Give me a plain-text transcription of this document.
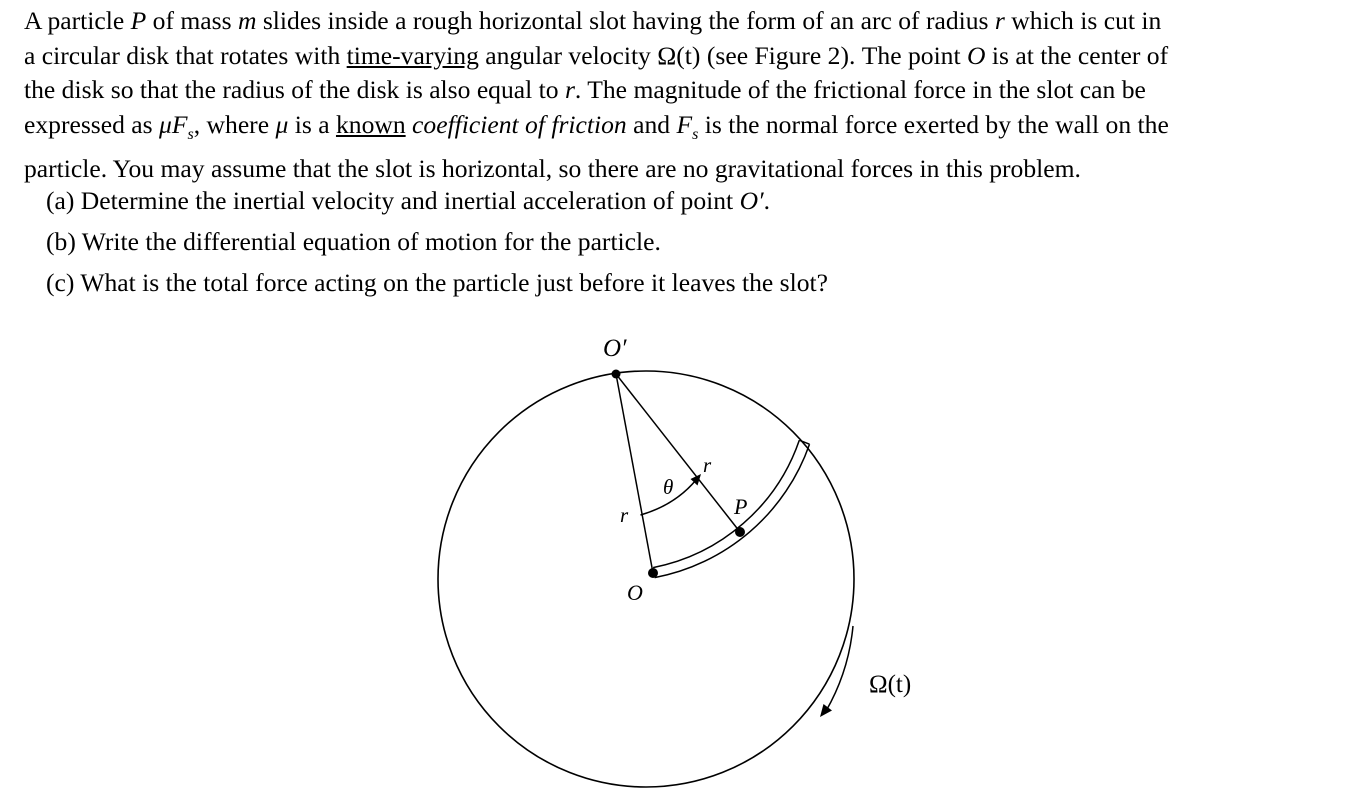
A particle P of mass m slides inside a rough horizontal slot having the form of an arc of radius r which is cut in
a circular disk that rotates with time-varying angular velocity Ω(t) (see Figure 2). The point O is at the center of
the disk so that the radius of the disk is also equal to r. The magnitude of the frictional force in the slot can be
expressed as $\mu F_s$, where μ is a known coefficient of friction and $F_s$ is the normal force exerted by the wall on the
particle. You may assume that the slot is horizontal, so there are no gravitational forces in this problem.
(a) Determine the inertial velocity and inertial acceleration of point O′.
(b) Write the differential equation of motion for the particle.
(c) What is the total force acting on the particle just before it leaves the slot?
O′
r
r
θ
P
O
Ω(t)
